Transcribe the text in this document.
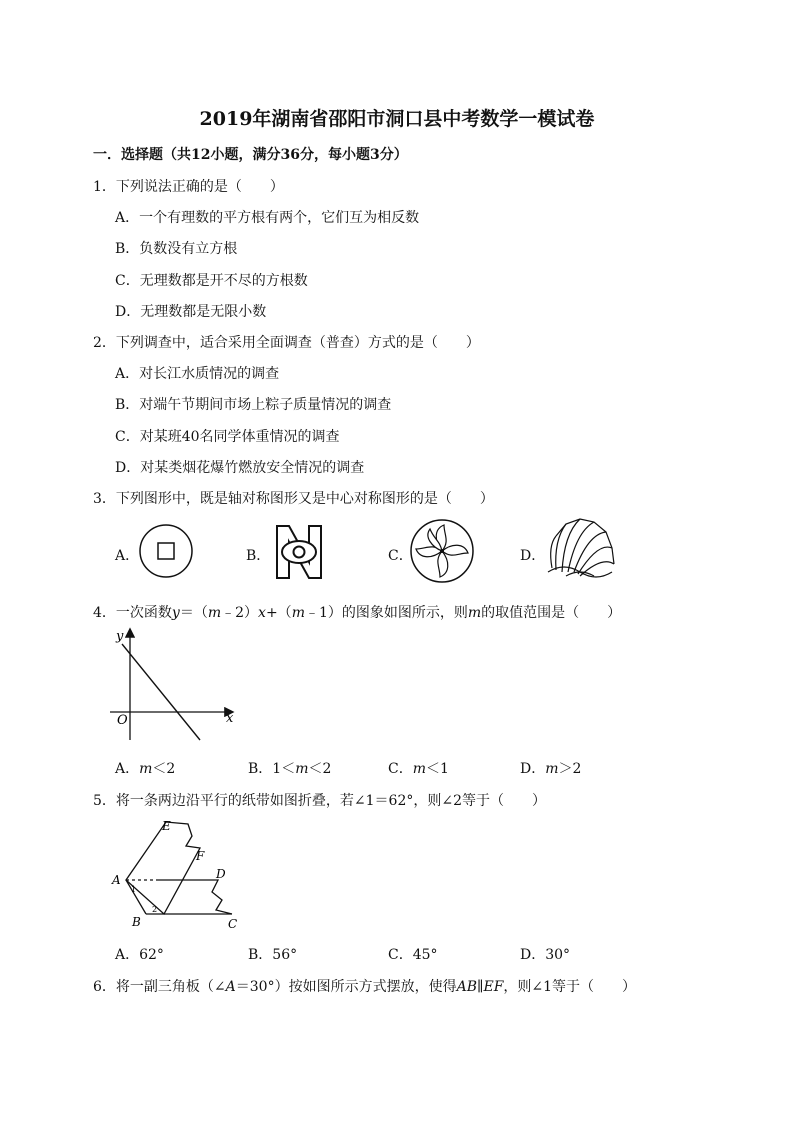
2019年湖南省邵阳市洞口县中考数学一模试卷
一．选择题（共12小题，满分36分，每小题3分）
1．下列说法正确的是（　　）
A．一个有理数的平方根有两个，它们互为相反数
B．负数没有立方根
C．无理数都是开不尽的方根数
D．无理数都是无限小数
2．下列调查中，适合采用全面调查（普查）方式的是（　　）
A．对长江水质情况的调查
B．对端午节期间市场上粽子质量情况的调查
C．对某班40名同学体重情况的调查
D．对某类烟花爆竹燃放安全情况的调查
3．下列图形中，既是轴对称图形又是中心对称图形的是（　　）
A．	B．	C．	D．
4．一次函数y＝（m﹣2）x+（m﹣1）的图象如图所示，则m的取值范围是（　　）
y
x
O
A．m＜2	B．1＜m＜2	C．m＜1	D．m＞2
5．将一条两边沿平行的纸带如图折叠，若∠1＝62°，则∠2等于（　　）
E
F
A	D
B	C
1
2
A．62°	B．56°	C．45°	D．30°
6．将一副三角板（∠A＝30°）按如图所示方式摆放，使得AB∥EF，则∠1等于（　　）
